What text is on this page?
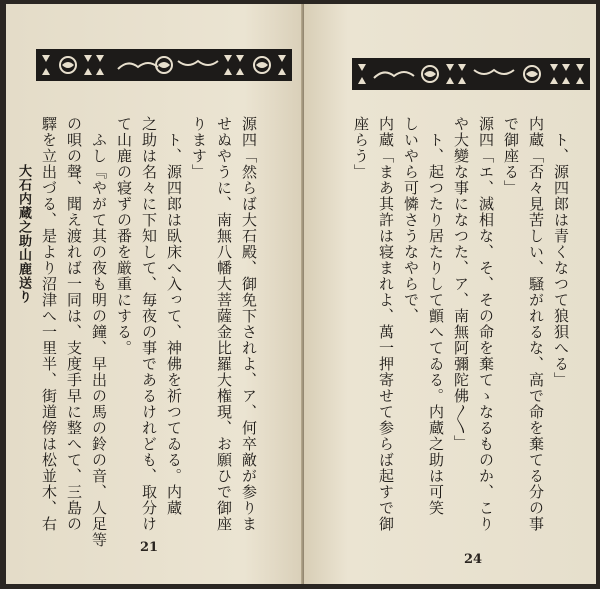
大石内蔵之助山鹿送り	源四「然らば大石殿、御免下されよ、ア、何卒敵が参りま
せぬやうに、南無八幡大菩薩金比羅大権現、お願ひで御座
ります」
　ト、源四郎は臥床へ入って、神佛を祈つてゐる。内蔵
之助は名々に下知して、毎夜の事であるけれども、取分け
て山鹿の寝ずの番を厳重にする。
　ふし『やがて其の夜も明の鐘、早出の馬の鈴の音、人足等
の唄の聲、聞え渡れば一同は、支度手早に整へて、三島の
驛を立出づる、是より沼津へ一里半、街道傍は松並木、右
21
　ト、源四郎は青くなつて狼狽へる」
内蔵「否々見苦しい、騒がれるな、高で命を棄てる分の事
で御座る」
源四「エ、滅相な、そ、その命を棄てゝなるものか、こり
や大變な事になつた、ア、南無阿彌陀佛〳〵」
　ト、起つたり居たりして顫へてゐる。内蔵之助は可笑
しいやら可憐さうなやらで、
内蔵「まあ其許は寝まれよ、萬一押寄せて参らば起すで御
座らう」
24
